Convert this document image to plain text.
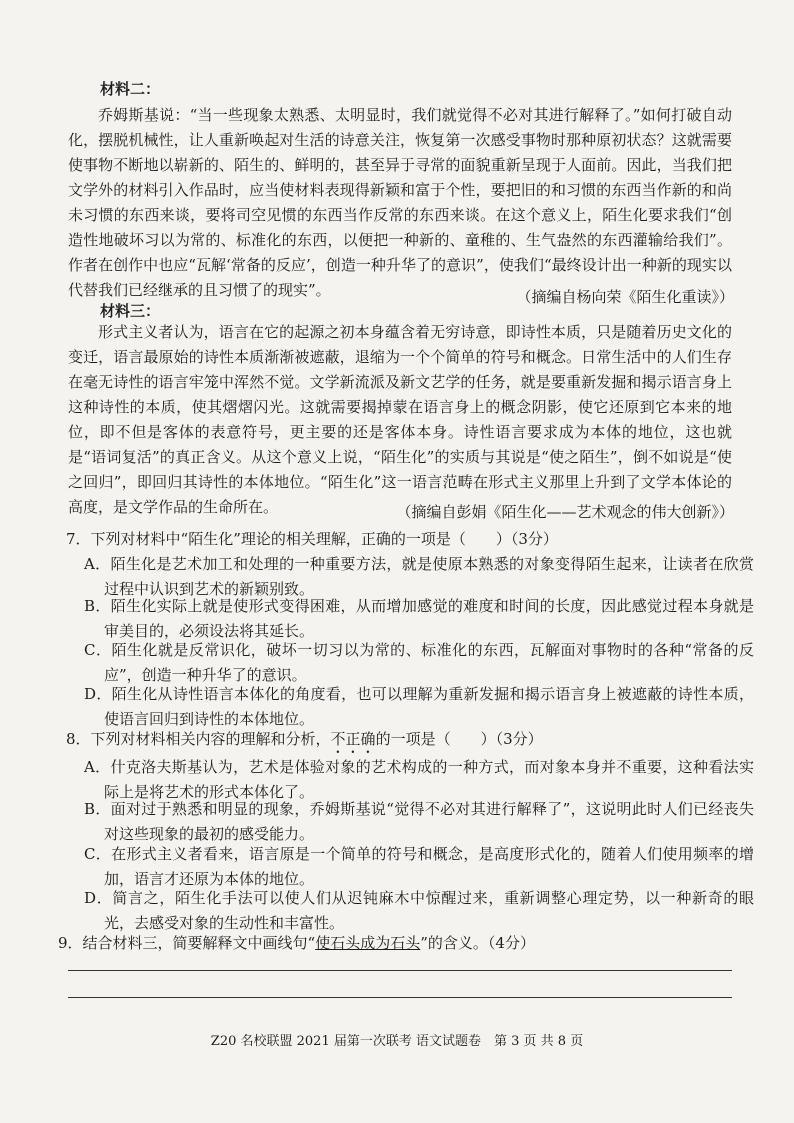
材料二：

乔姆斯基说：“当一些现象太熟悉、太明显时，我们就觉得不必对其进行解释了。”如何打破自动化，摆脱机械性，让人重新唤起对生活的诗意关注，恢复第一次感受事物时那种原初状态？这就需要使事物不断地以崭新的、陌生的、鲜明的，甚至异于寻常的面貌重新呈现于人面前。因此，当我们把文学外的材料引入作品时，应当使材料表现得新颖和富于个性，要把旧的和习惯的东西当作新的和尚未习惯的东西来谈，要将司空见惯的东西当作反常的东西来谈。在这个意义上，陌生化要求我们“创造性地破坏习以为常的、标准化的东西，以便把一种新的、童稚的、生气盎然的东西灌输给我们”。作者在创作中也应“瓦解‘常备的反应’，创造一种升华了的意识”，使我们“最终设计出一种新的现实以代替我们已经继承的且习惯了的现实”。	（摘编自杨向荣《陌生化重读》）
材料三：

形式主义者认为，语言在它的起源之初本身蕴含着无穷诗意，即诗性本质，只是随着历史文化的变迁，语言最原始的诗性本质渐渐被遮蔽，退缩为一个个简单的符号和概念。日常生活中的人们生存在毫无诗性的语言牢笼中浑然不觉。文学新流派及新文艺学的任务，就是要重新发掘和揭示语言身上这种诗性的本质，使其熠熠闪光。这就需要揭掉蒙在语言身上的概念阴影，使它还原到它本来的地位，即不但是客体的表意符号，更主要的还是客体本身。诗性语言要求成为本体的地位，这也就是“语词复活”的真正含义。从这个意义上说，“陌生化”的实质与其说是“使之陌生”，倒不如说是“使之回归”，即回归其诗性的本体地位。“陌生化”这一语言范畴在形式主义那里上升到了文学本体论的高度，是文学作品的生命所在。	（摘编自彭娟《陌生化——艺术观念的伟大创新》）
7．下列对材料中“陌生化”理论的相关理解，正确的一项是（　　）（3分）
A．陌生化是艺术加工和处理的一种重要方法，就是使原本熟悉的对象变得陌生起来，让读者在欣赏过程中认识到艺术的新颖别致。
B．陌生化实际上就是使形式变得困难，从而增加感觉的难度和时间的长度，因此感觉过程本身就是审美目的，必须设法将其延长。
C．陌生化就是反常识化，破坏一切习以为常的、标准化的东西，瓦解面对事物时的各种“常备的反应”，创造一种升华了的意识。
D．陌生化从诗性语言本体化的角度看，也可以理解为重新发掘和揭示语言身上被遮蔽的诗性本质，使语言回归到诗性的本体地位。
8．下列对材料相关内容的理解和分析，不正确的一项是（　　）（3分）
A．什克洛夫斯基认为，艺术是体验对象的艺术构成的一种方式，而对象本身并不重要，这种看法实际上是将艺术的形式本体化了。
B．面对过于熟悉和明显的现象，乔姆斯基说“觉得不必对其进行解释了”，这说明此时人们已经丧失对这些现象的最初的感受能力。
C．在形式主义者看来，语言原是一个简单的符号和概念，是高度形式化的，随着人们使用频率的增加，语言才还原为本体的地位。
D．简言之，陌生化手法可以使人们从迟钝麻木中惊醒过来，重新调整心理定势，以一种新奇的眼光，去感受对象的生动性和丰富性。
9．结合材料三，简要解释文中画线句“使石头成为石头”的含义。（4分）
Z20 名校联盟 2021 届第一次联考 语文试题卷　第 3 页 共 8 页
